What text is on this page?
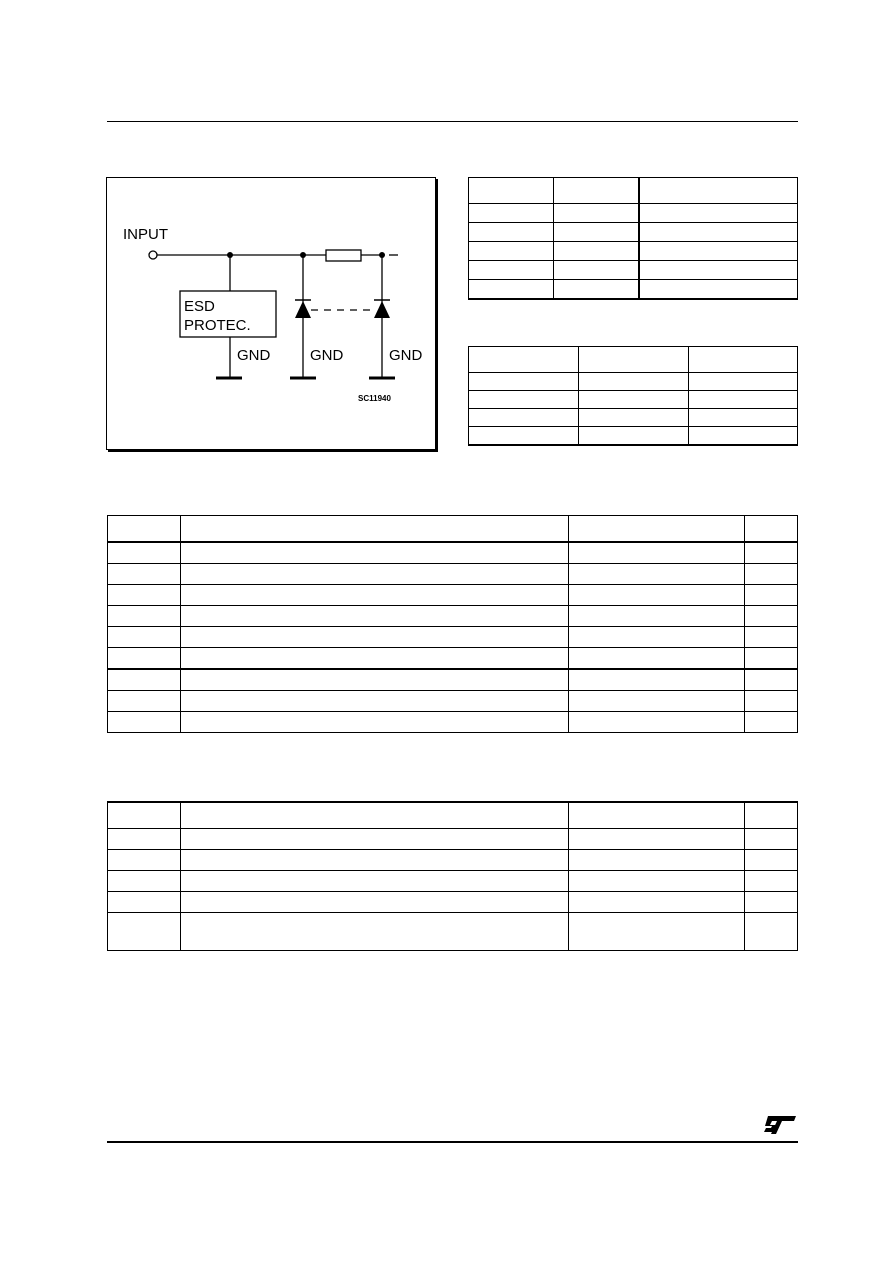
ESD
PROTEC.
INPUT
GND	GND	GND
SC11940
